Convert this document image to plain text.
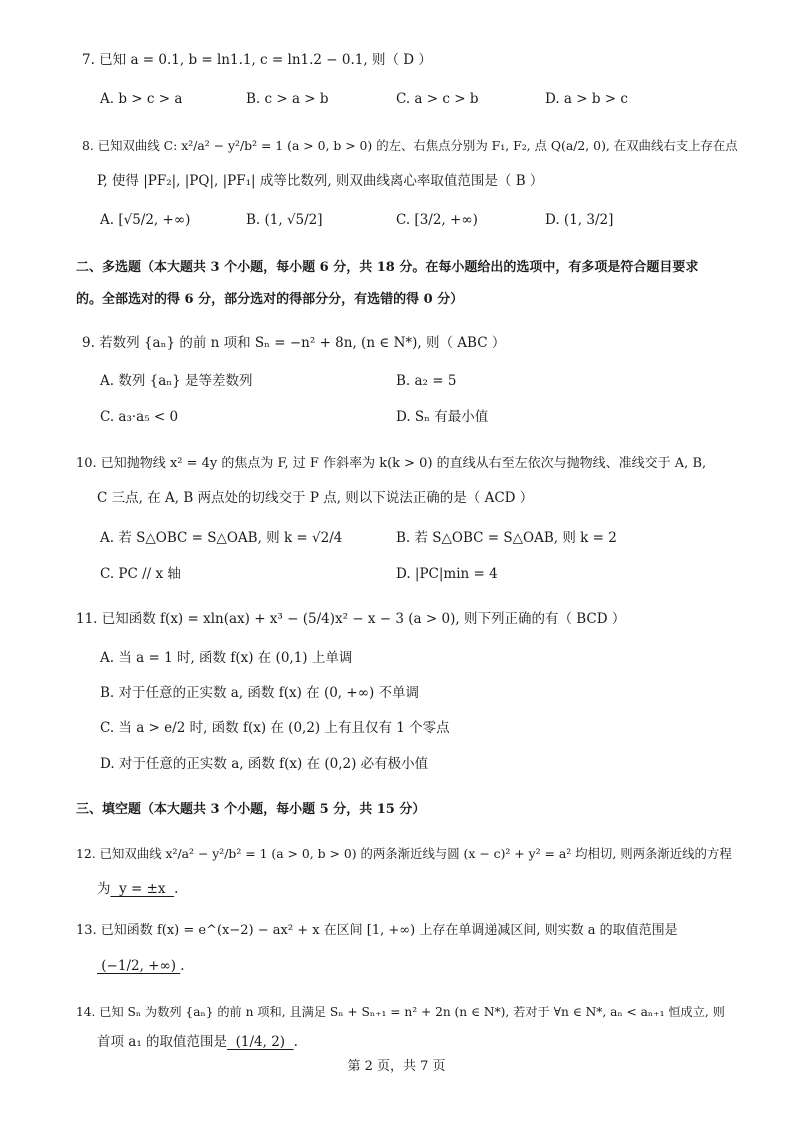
7. 已知 a = 0.1, b = ln1.1, c = ln1.2 − 0.1, 则（ D ）
A. b > c > a	B. c > a > b	C. a > c > b	D. a > b > c
8. 已知双曲线 C: x²/a² − y²/b² = 1 (a > 0, b > 0) 的左、右焦点分别为 F₁, F₂, 点 Q(a/2, 0), 在双曲线右支上存在点
P, 使得 |PF₂|, |PQ|, |PF₁| 成等比数列, 则双曲线离心率取值范围是（ B ）
A. [√5/2, +∞)	B. (1, √5/2]	C. [3/2, +∞)	D. (1, 3/2]
二、多选题（本大题共 3 个小题，每小题 6 分，共 18 分。在每小题给出的选项中，有多项是符合题目要求
的。全部选对的得 6 分，部分选对的得部分分，有选错的得 0 分）
9. 若数列 {aₙ} 的前 n 项和 Sₙ = −n² + 8n, (n ∈ N*), 则（ ABC ）
A. 数列 {aₙ} 是等差数列	B. a₂ = 5
C. a₃·a₅ < 0	D. Sₙ 有最小值
10. 已知抛物线 x² = 4y 的焦点为 F, 过 F 作斜率为 k(k > 0) 的直线从右至左依次与抛物线、准线交于 A, B,
C 三点, 在 A, B 两点处的切线交于 P 点, 则以下说法正确的是（ ACD ）
A. 若 S△OBC = S△OAB, 则 k = √2/4	B. 若 S△OBC = S△OAB, 则 k = 2
C. PC // x 轴	D. |PC|min = 4
11. 已知函数 f(x) = xln(ax) + x³ − (5/4)x² − x − 3 (a > 0), 则下列正确的有（ BCD ）
A. 当 a = 1 时, 函数 f(x) 在 (0,1) 上单调
B. 对于任意的正实数 a, 函数 f(x) 在 (0, +∞) 不单调
C. 当 a > e/2 时, 函数 f(x) 在 (0,2) 上有且仅有 1 个零点
D. 对于任意的正实数 a, 函数 f(x) 在 (0,2) 必有极小值
三、填空题（本大题共 3 个小题，每小题 5 分，共 15 分）
12. 已知双曲线 x²/a² − y²/b² = 1 (a > 0, b > 0) 的两条渐近线与圆 (x − c)² + y² = a² 均相切, 则两条渐近线的方程
为  y = ±x  .
13. 已知函数 f(x) = e^(x−2) − ax² + x 在区间 [1, +∞) 上存在单调递减区间, 则实数 a 的取值范围是
(−1/2, +∞) .
14. 已知 Sₙ 为数列 {aₙ} 的前 n 项和, 且满足 Sₙ + Sₙ₊₁ = n² + 2n (n ∈ N*), 若对于 ∀n ∈ N*, aₙ < aₙ₊₁ 恒成立, 则
首项 a₁ 的取值范围是  (1/4, 2)  .
第 2 页，共 7 页
